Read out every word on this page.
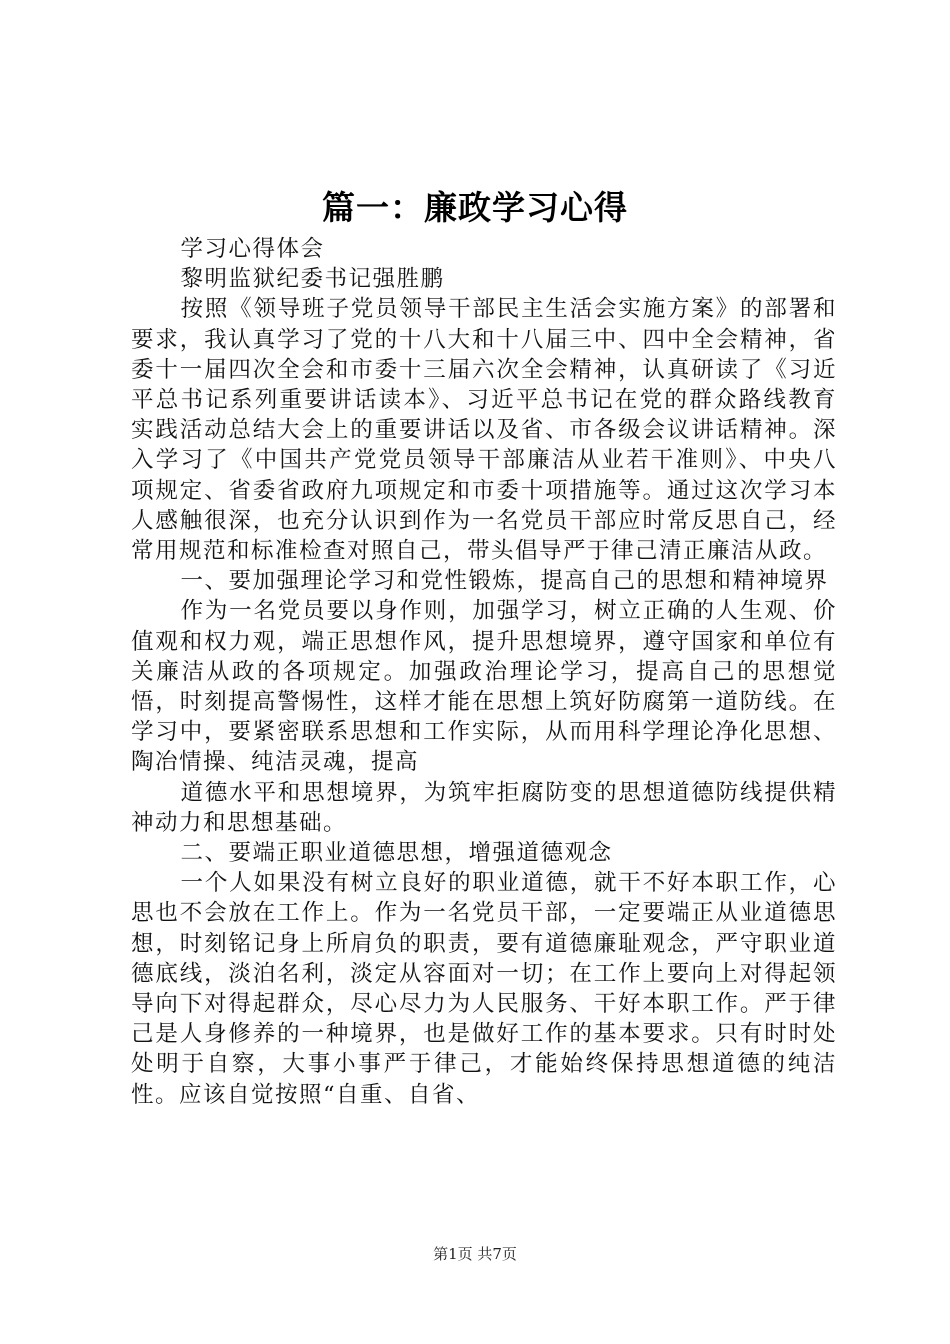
篇一：廉政学习心得

学习心得体会

黎明监狱纪委书记强胜鹏

按照《领导班子党员领导干部民主生活会实施方案》的部署和要求，我认真学习了党的十八大和十八届三中、四中全会精神，省委十一届四次全会和市委十三届六次全会精神，认真研读了《习近平总书记系列重要讲话读本》、习近平总书记在党的群众路线教育实践活动总结大会上的重要讲话以及省、市各级会议讲话精神。深入学习了《中国共产党党员领导干部廉洁从业若干准则》、中央八项规定、省委省政府九项规定和市委十项措施等。通过这次学习本人感触很深，也充分认识到作为一名党员干部应时常反思自己，经常用规范和标准检查对照自己，带头倡导严于律己清正廉洁从政。

一、要加强理论学习和党性锻炼，提高自己的思想和精神境界

作为一名党员要以身作则，加强学习，树立正确的人生观、价值观和权力观，端正思想作风，提升思想境界，遵守国家和单位有关廉洁从政的各项规定。加强政治理论学习，提高自己的思想觉悟，时刻提高警惕性，这样才能在思想上筑好防腐第一道防线。在学习中，要紧密联系思想和工作实际，从而用科学理论净化思想、陶冶情操、纯洁灵魂，提高

道德水平和思想境界，为筑牢拒腐防变的思想道德防线提供精神动力和思想基础。

二、要端正职业道德思想，增强道德观念

一个人如果没有树立良好的职业道德，就干不好本职工作，心思也不会放在工作上。作为一名党员干部，一定要端正从业道德思想，时刻铭记身上所肩负的职责，要有道德廉耻观念，严守职业道德底线，淡泊名利，淡定从容面对一切；在工作上要向上对得起领导向下对得起群众，尽心尽力为人民服务、干好本职工作。严于律己是人身修养的一种境界，也是做好工作的基本要求。只有时时处处明于自察，大事小事严于律己，才能始终保持思想道德的纯洁性。应该自觉按照“自重、自省、

第1页 共7页
